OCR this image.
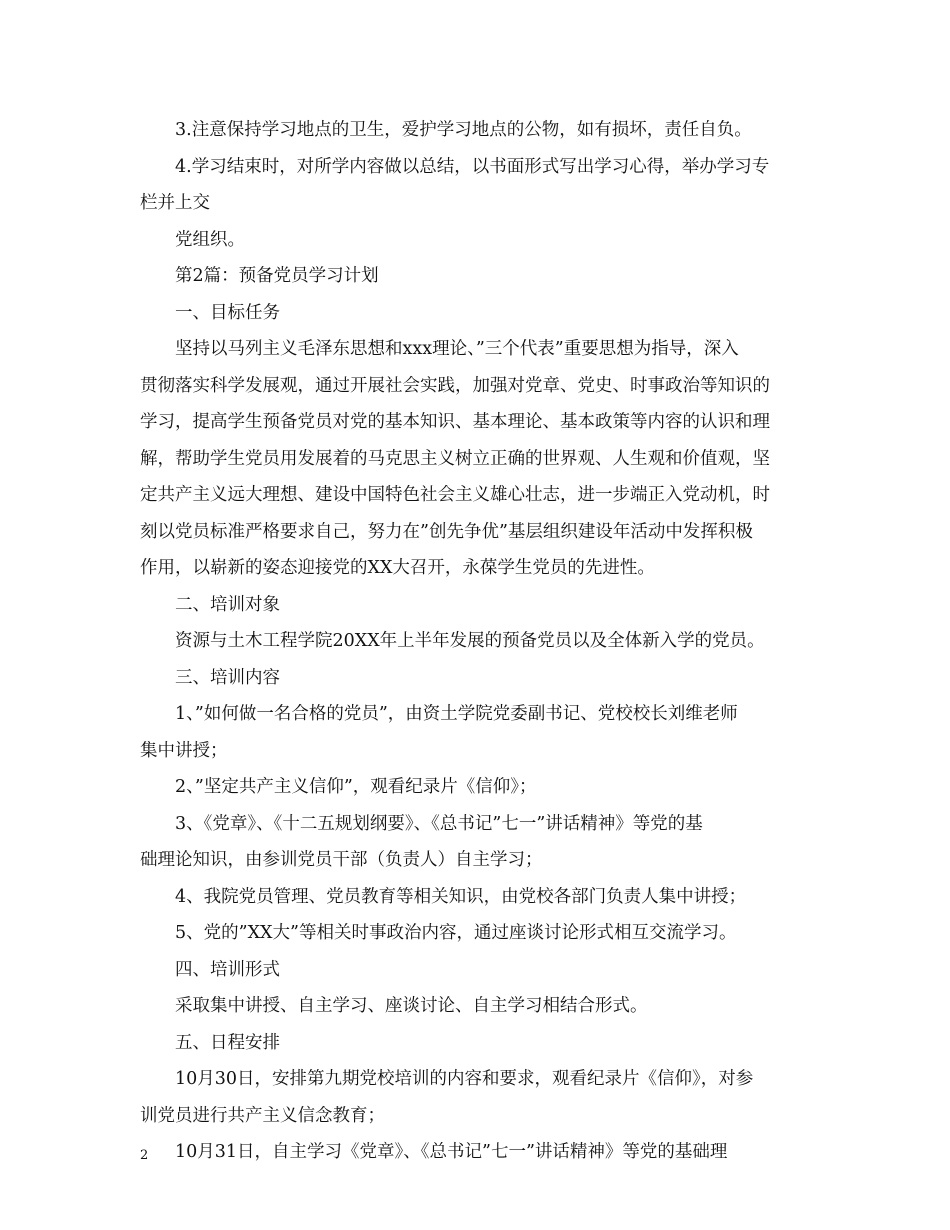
3.注意保持学习地点的卫生，爱护学习地点的公物，如有损坏，责任自负。
4.学习结束时，对所学内容做以总结，以书面形式写出学习心得，举办学习专
栏并上交
党组织。
第2篇：预备党员学习计划
一、目标任务
坚持以马列主义毛泽东思想和xxx理论、”三个代表”重要思想为指导，深入
贯彻落实科学发展观，通过开展社会实践，加强对党章、党史、时事政治等知识的
学习，提高学生预备党员对党的基本知识、基本理论、基本政策等内容的认识和理
解，帮助学生党员用发展着的马克思主义树立正确的世界观、人生观和价值观，坚
定共产主义远大理想、建设中国特色社会主义雄心壮志，进一步端正入党动机，时
刻以党员标准严格要求自己，努力在”创先争优”基层组织建设年活动中发挥积极
作用，以崭新的姿态迎接党的XX大召开，永葆学生党员的先进性。
二、培训对象
资源与土木工程学院20XX年上半年发展的预备党员以及全体新入学的党员。
三、培训内容
1、”如何做一名合格的党员”，由资土学院党委副书记、党校校长刘维老师
集中讲授；
2、”坚定共产主义信仰”，观看纪录片《信仰》；
3、《党章》、《十二五规划纲要》、《总书记”七一”讲话精神》等党的基
础理论知识，由参训党员干部（负责人）自主学习；
4、我院党员管理、党员教育等相关知识，由党校各部门负责人集中讲授；
5、党的”XX大”等相关时事政治内容，通过座谈讨论形式相互交流学习。
四、培训形式
采取集中讲授、自主学习、座谈讨论、自主学习相结合形式。
五、日程安排
10月30日，安排第九期党校培训的内容和要求，观看纪录片《信仰》，对参
训党员进行共产主义信念教育；
10月31日，自主学习《党章》、《总书记”七一”讲话精神》等党的基础理
2
